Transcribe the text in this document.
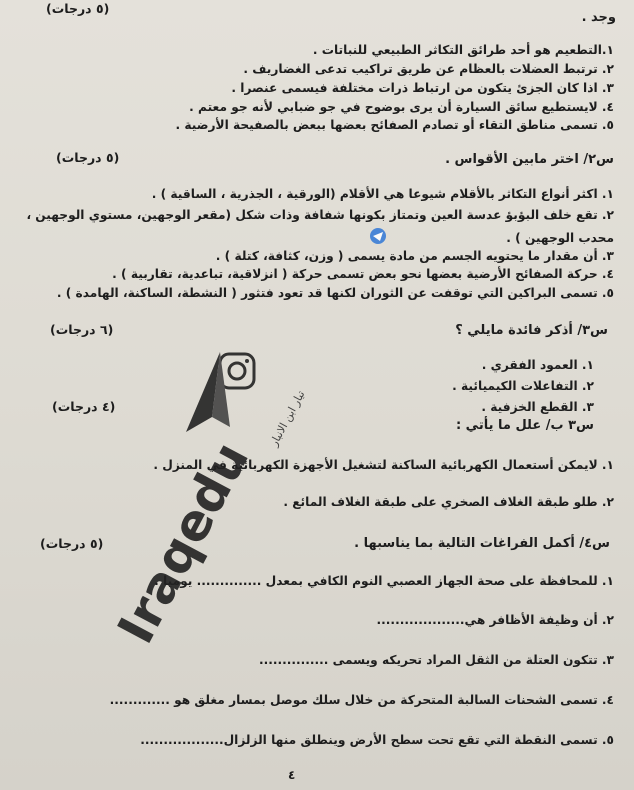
وجد .
(٥ درجات)
١.التطعيم هو أحد طرائق التكاثر الطبيعي للنباتات .
٢. ترتبط العضلات بالعظام عن طريق تراكيب تدعى الغضاريف .
٣. اذا كان الجزئ يتكون من ارتباط ذرات مختلفة فيسمى عنصرا .
٤. لايستطيع سائق السيارة أن يرى بوضوح في جو ضبابي لأنه جو معتم .
٥. تسمى مناطق التقاء أو تصادم الصفائح بعضها ببعض بالصفيحة الأرضية .
س٢/ اختر مابين الأقواس .
(٥ درجات)
١. اكثر أنواع التكاثر بالأقلام شيوعا هي الأقلام (الورقية ، الجذرية ، الساقية ) .
٢. تقع خلف البؤبؤ عدسة العين وتمتاز بكونها شفافة وذات شكل (مقعر الوجهين، مستوي الوجهين ،
محدب الوجهين ) .
٣. أن مقدار ما يحتويه الجسم من مادة يسمى ( وزن، كثافة، كتلة ) .
٤. حركة الصفائح الأرضية بعضها نحو بعض تسمى حركة ( انزلاقية، تباعدية، تقاربية ) .
٥. تسمى البراكين التي توقفت عن الثوران لكنها قد تعود فتثور ( النشطة، الساكنة، الهامدة ) .
س٣/ أذكر فائدة مايلي ؟
(٦ درجات)
١. العمود الفقري .
٢. التفاعلات الكيميائية .
٣. القطع الخزفية .
(٤ درجات)
س٣ ب/ علل ما يأتي :
١. لايمكن أستعمال الكهربائية الساكنة لتشغيل الأجهزة الكهربائية في المنزل .
٢. طلو طبقة الغلاف الصخري على طبقة الغلاف المائع .
س٤/ أكمل الفراغات التالية بما يناسبها .
(٥ درجات)
١. للمحافظة على صحة الجهاز العصبي النوم الكافي بمعدل .............. يوميا .
٢. أن وظيفة الأظافر هي...................
٣. تتكون العتلة من الثقل المراد تحريكه ويسمى ...............
٤. تسمى الشحنات السالبة المتحركة من خلال سلك موصل بمسار مغلق هو .............
٥. تسمى النقطة التي تقع تحت سطح الأرض وينطلق منها الزلزال..................
٤
Iraqedu
تيار ابن الانبار
